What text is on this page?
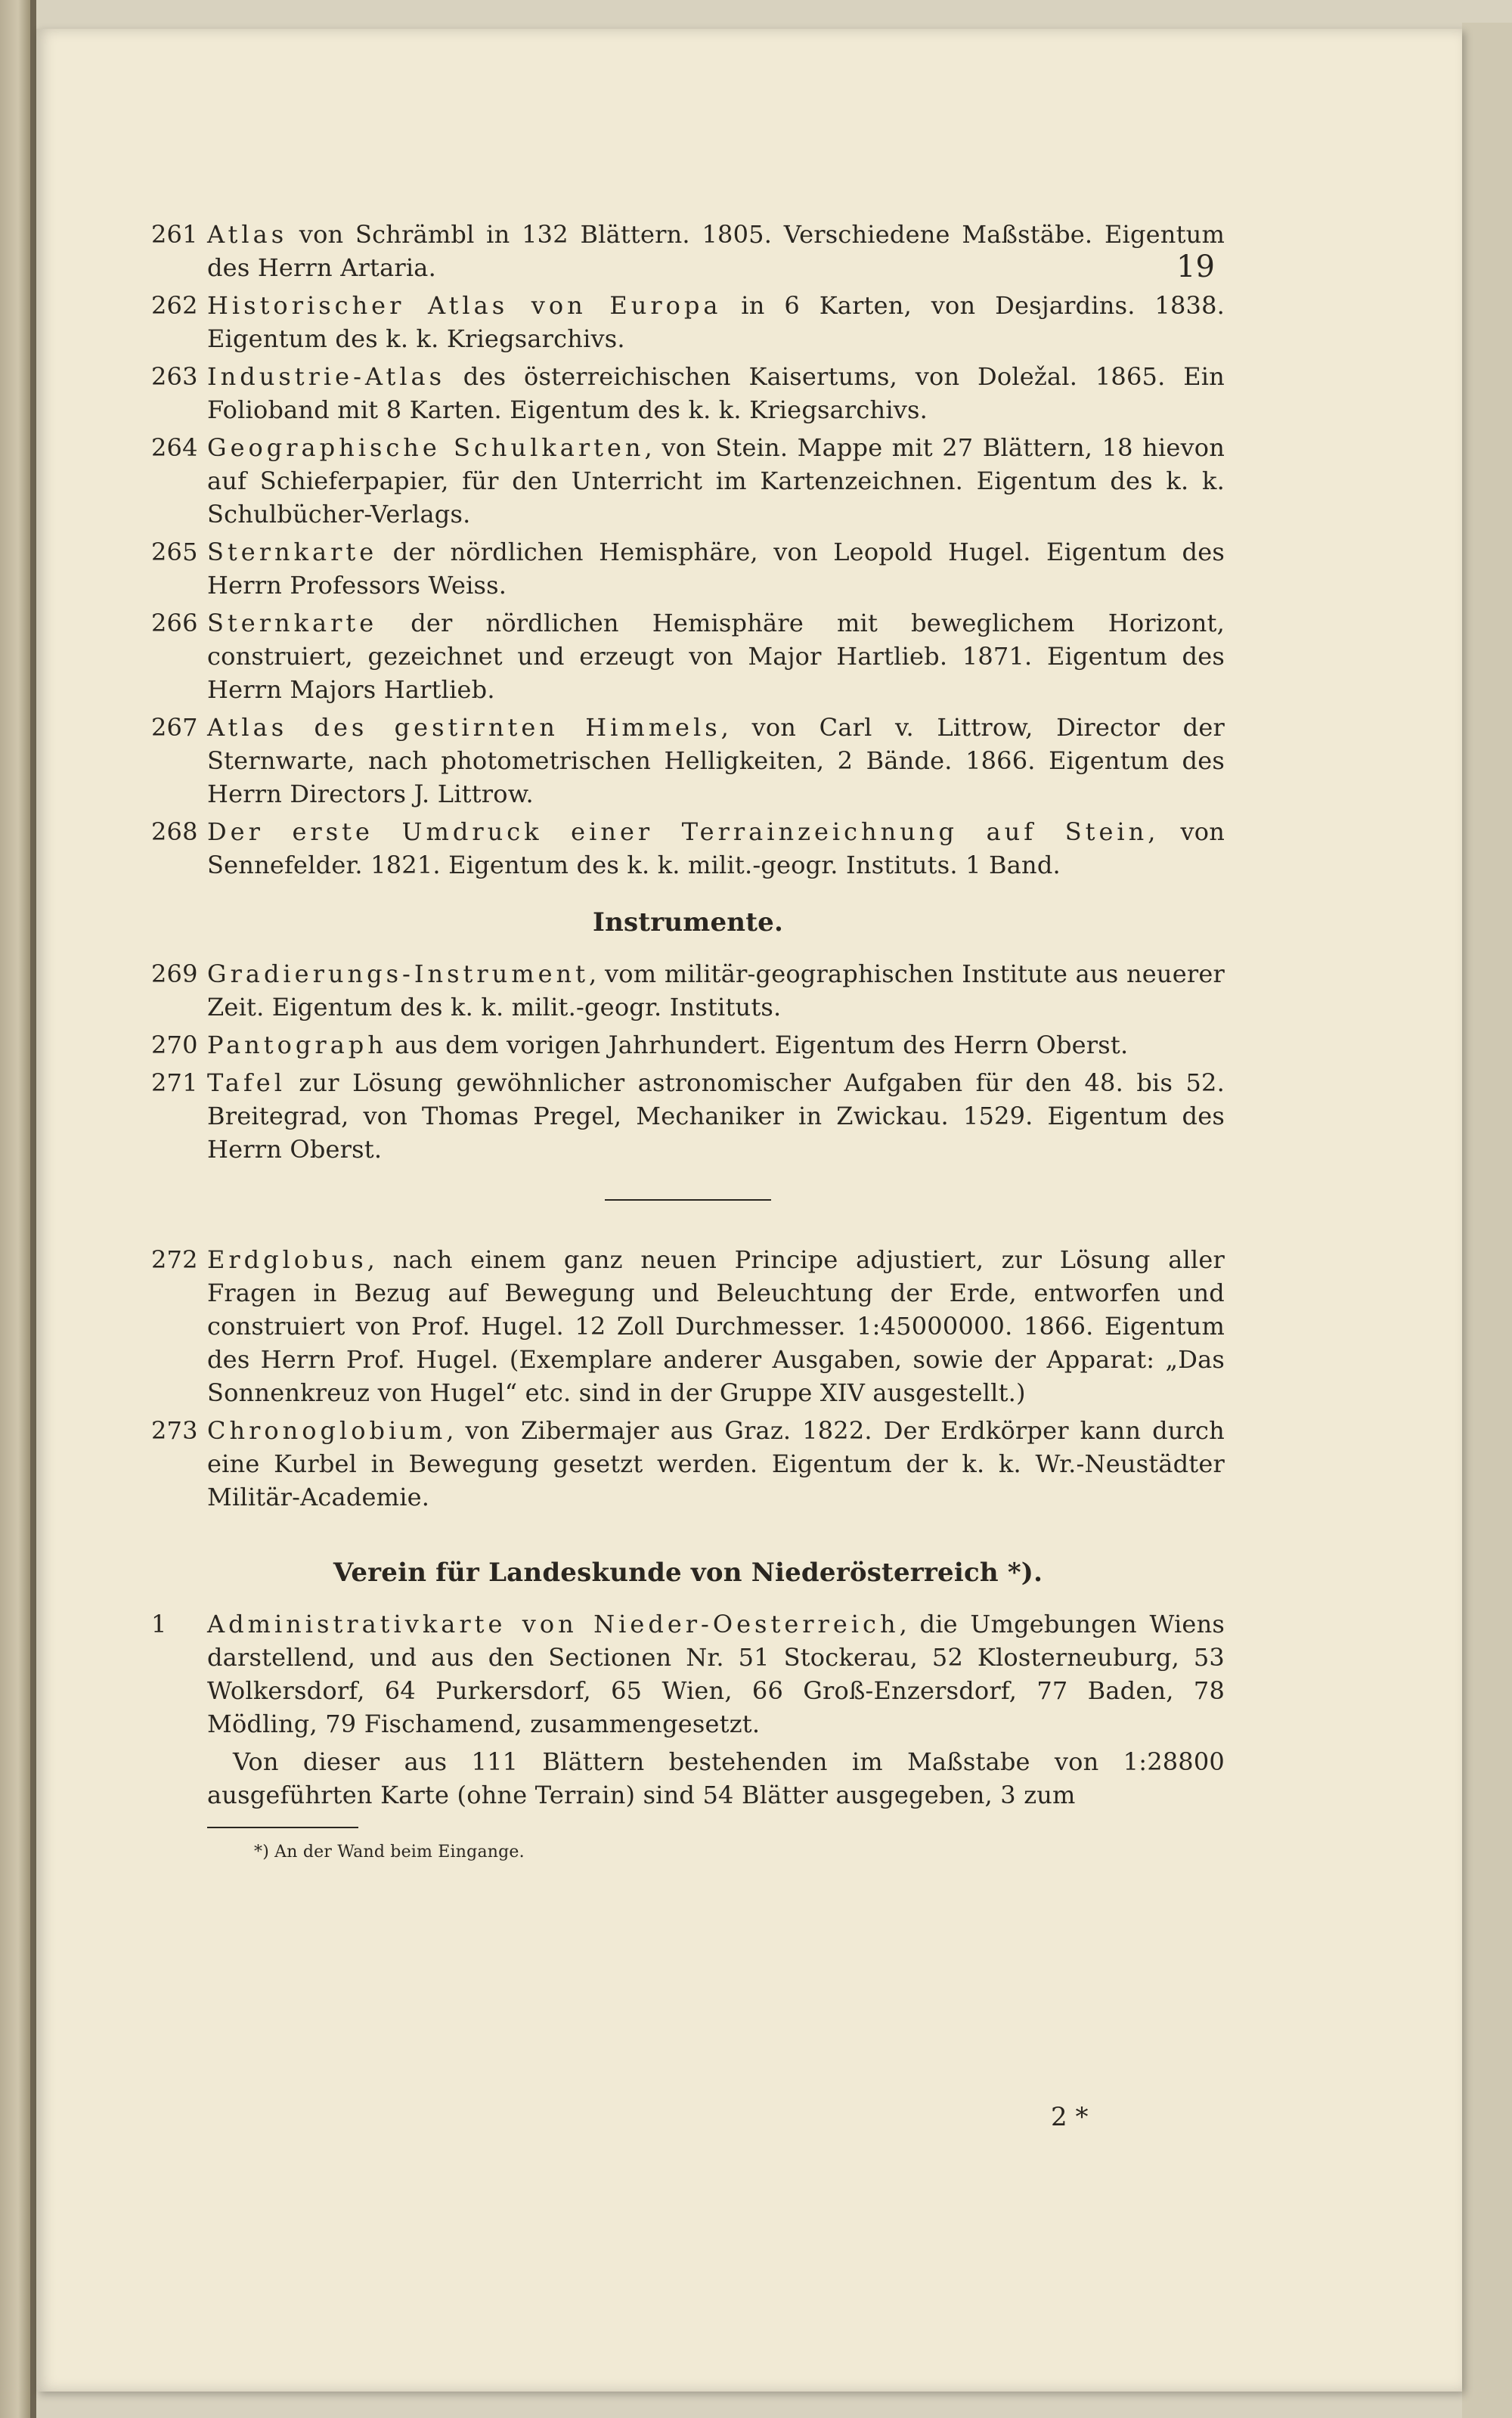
19
261 Atlas von Schrämbl in 132 Blättern. 1805. Verschiedene Maßstäbe. Eigentum des Herrn Artaria.
262 Historischer Atlas von Europa in 6 Karten, von Desjardins. 1838. Eigentum des k. k. Kriegsarchivs.
263 Industrie-Atlas des österreichischen Kaisertums, von Doležal. 1865. Ein Folioband mit 8 Karten. Eigentum des k. k. Kriegsarchivs.
264 Geographische Schulkarten, von Stein. Mappe mit 27 Blättern, 18 hievon auf Schieferpapier, für den Unterricht im Kartenzeichnen. Eigentum des k. k. Schulbücher-Verlags.
265 Sternkarte der nördlichen Hemisphäre, von Leopold Hugel. Eigentum des Herrn Professors Weiss.
266 Sternkarte der nördlichen Hemisphäre mit beweglichem Horizont, construiert, gezeichnet und erzeugt von Major Hartlieb. 1871. Eigentum des Herrn Majors Hartlieb.
267 Atlas des gestirnten Himmels, von Carl v. Littrow, Director der Sternwarte, nach photometrischen Helligkeiten, 2 Bände. 1866. Eigentum des Herrn Directors J. Littrow.
268 Der erste Umdruck einer Terrainzeichnung auf Stein, von Sennefelder. 1821. Eigentum des k. k. milit.-geogr. Instituts. 1 Band.
Instrumente.
269 Gradierungs-Instrument, vom militär-geographischen Institute aus neuerer Zeit. Eigentum des k. k. milit.-geogr. Instituts.
270 Pantograph aus dem vorigen Jahrhundert. Eigentum des Herrn Oberst.
271 Tafel zur Lösung gewöhnlicher astronomischer Aufgaben für den 48. bis 52. Breitegrad, von Thomas Pregel, Mechaniker in Zwickau. 1529. Eigentum des Herrn Oberst.
272 Erdglobus, nach einem ganz neuen Principe adjustiert, zur Lösung aller Fragen in Bezug auf Bewegung und Beleuchtung der Erde, entworfen und construiert von Prof. Hugel. 12 Zoll Durchmesser. 1:45000000. 1866. Eigentum des Herrn Prof. Hugel. (Exemplare anderer Ausgaben, sowie der Apparat: „Das Sonnenkreuz von Hugel“ etc. sind in der Gruppe XIV ausgestellt.)
273 Chronoglobium, von Zibermajer aus Graz. 1822. Der Erdkörper kann durch eine Kurbel in Bewegung gesetzt werden. Eigentum der k. k. Wr.-Neustädter Militär-Academie.
Verein für Landeskunde von Niederösterreich *).
1	Administrativkarte von Nieder-Oesterreich, die Umgebungen Wiens darstellend, und aus den Sectionen Nr. 51 Stockerau, 52 Klosterneuburg, 53 Wolkersdorf, 64 Purkersdorf, 65 Wien, 66 Groß-Enzersdorf, 77 Baden, 78 Mödling, 79 Fischamend, zusammengesetzt.
Von dieser aus 111 Blättern bestehenden im Maßstabe von 1:28800 ausgeführten Karte (ohne Terrain) sind 54 Blätter ausgegeben, 3 zum
*) An der Wand beim Eingange.
2 *
